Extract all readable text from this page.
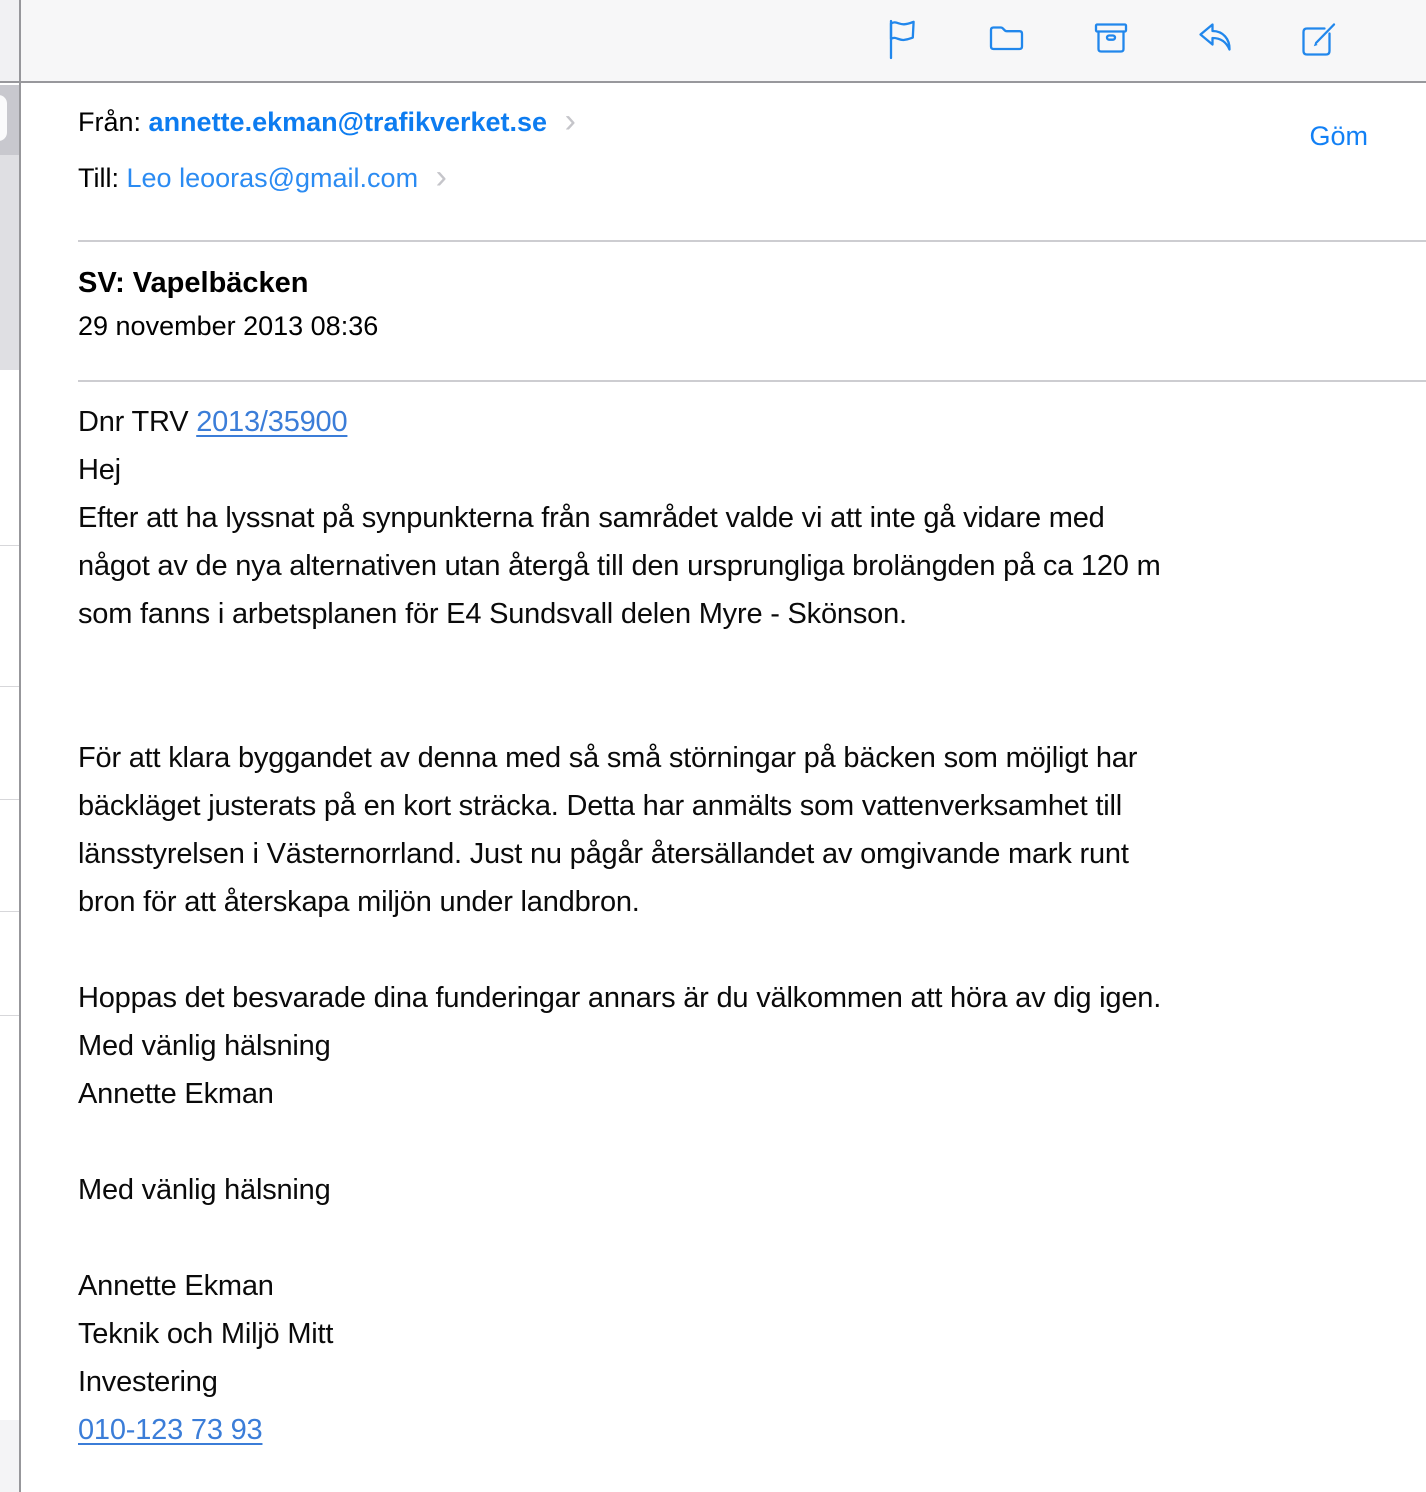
Från: annette.ekman@trafikverket.se ›	Göm
Till: Leo leooras@gmail.com ›
SV: Vapelbäcken
29 november 2013 08:36
Dnr TRV 2013/35900
Hej
Efter att ha lyssnat på synpunkterna från samrådet valde vi att inte gå vidare med
något av de nya alternativen utan återgå till den ursprungliga brolängden på ca 120 m
som fanns i arbetsplanen för E4 Sundsvall delen Myre - Skönson.
För att klara byggandet av denna med så små störningar på bäcken som möjligt har
bäckläget justerats på en kort sträcka. Detta har anmälts som vattenverksamhet till
länsstyrelsen i Västernorrland. Just nu pågår återsällandet av omgivande mark runt
bron för att återskapa miljön under landbron.
Hoppas det besvarade dina funderingar annars är du välkommen att höra av dig igen.
Med vänlig hälsning
Annette Ekman
Med vänlig hälsning
Annette Ekman
Teknik och Miljö Mitt
Investering
010-123 73 93
